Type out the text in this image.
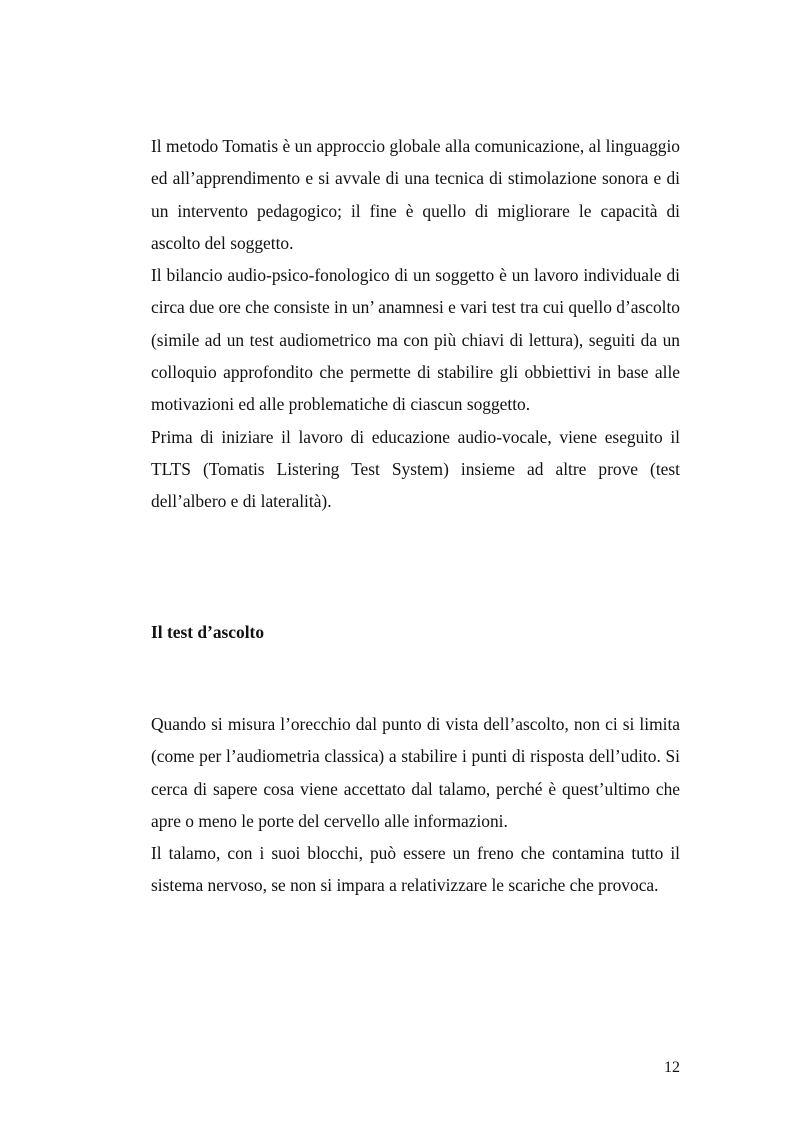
Il metodo Tomatis è un approccio globale alla comunicazione, al linguaggio ed all’apprendimento e si avvale di una tecnica di stimolazione sonora e di un intervento pedagogico; il fine è quello di migliorare le capacità di ascolto del soggetto.

Il bilancio audio-psico-fonologico di un soggetto è un lavoro individuale di circa due ore che consiste in un’ anamnesi e vari test tra cui quello d’ascolto (simile ad un test audiometrico ma con più chiavi di lettura), seguiti da un colloquio approfondito che permette di stabilire gli obbiettivi in base alle motivazioni ed alle problematiche di ciascun soggetto.

Prima di iniziare il lavoro di educazione audio-vocale, viene eseguito il TLTS (Tomatis Listering Test System) insieme ad altre prove (test dell’albero e di lateralità).

Il test d’ascolto

Quando si misura l’orecchio dal punto di vista dell’ascolto, non ci si limita (come per l’audiometria classica) a stabilire i punti di risposta dell’udito. Si cerca di sapere cosa viene accettato dal talamo, perché è quest’ultimo che apre o meno le porte del cervello alle informazioni.

Il talamo, con i suoi blocchi, può essere un freno che contamina tutto il sistema nervoso, se non si impara a relativizzare le scariche che provoca.

12
